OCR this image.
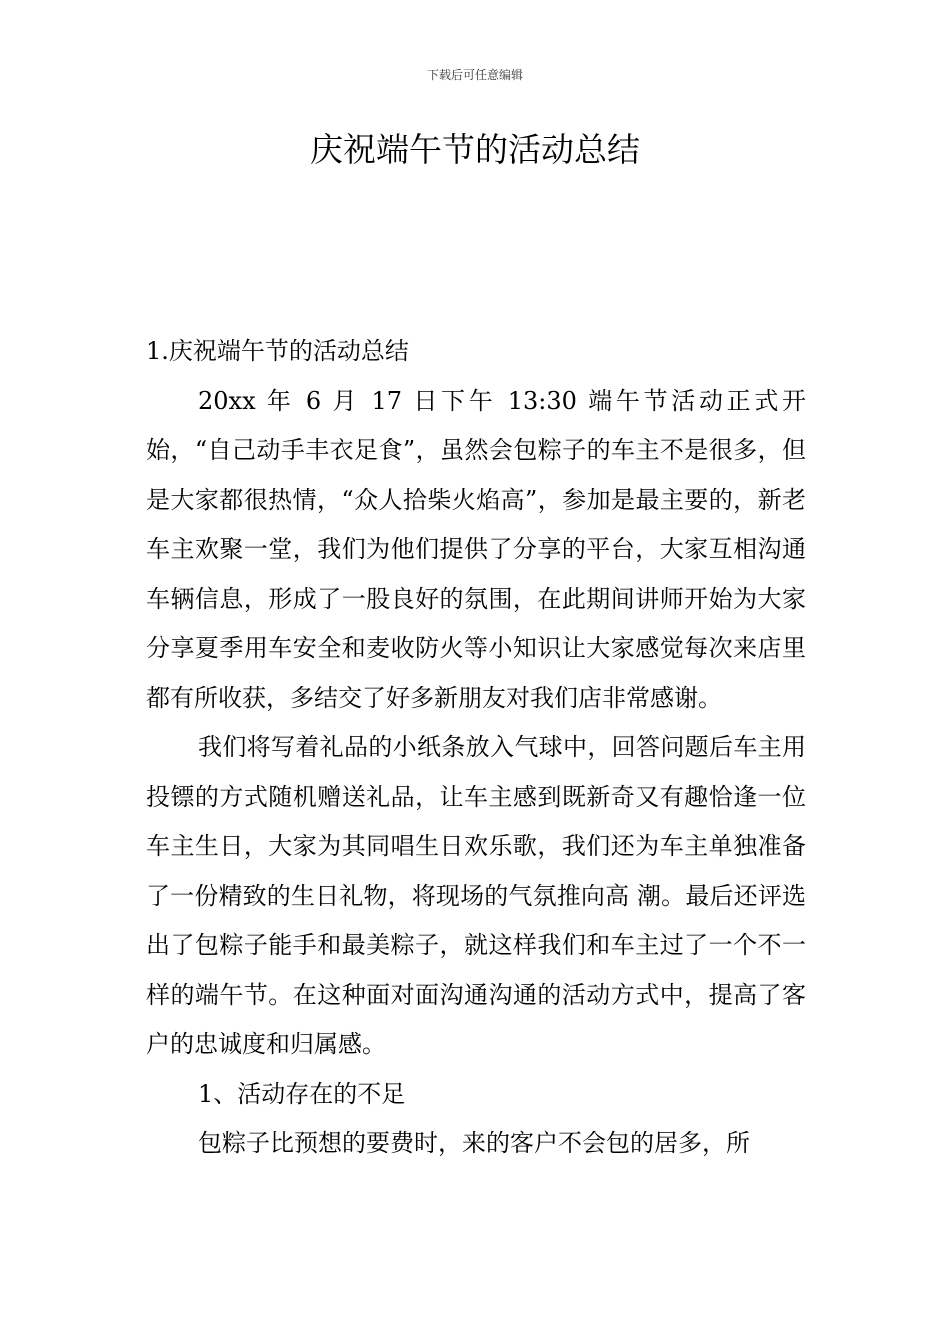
下载后可任意编辑
庆祝端午节的活动总结

1.庆祝端午节的活动总结

20xx 年 6 月 17 日下午 13:30 端午节活动正式开始，“自己动手丰衣足食”，虽然会包粽子的车主不是很多，但是大家都很热情，“众人拾柴火焰高”，参加是最主要的，新老车主欢聚一堂，我们为他们提供了分享的平台，大家互相沟通车辆信息，形成了一股良好的氛围，在此期间讲师开始为大家分享夏季用车安全和麦收防火等小知识让大家感觉每次来店里都有所收获，多结交了好多新朋友对我们店非常感谢。

我们将写着礼品的小纸条放入气球中，回答问题后车主用投镖的方式随机赠送礼品，让车主感到既新奇又有趣恰逢一位车主生日，大家为其同唱生日欢乐歌，我们还为车主单独准备了一份精致的生日礼物，将现场的气氛推向高 潮。最后还评选出了包粽子能手和最美粽子，就这样我们和车主过了一个不一样的端午节。在这种面对面沟通沟通的活动方式中，提高了客户的忠诚度和归属感。

1、活动存在的不足

包粽子比预想的要费时，来的客户不会包的居多，所
